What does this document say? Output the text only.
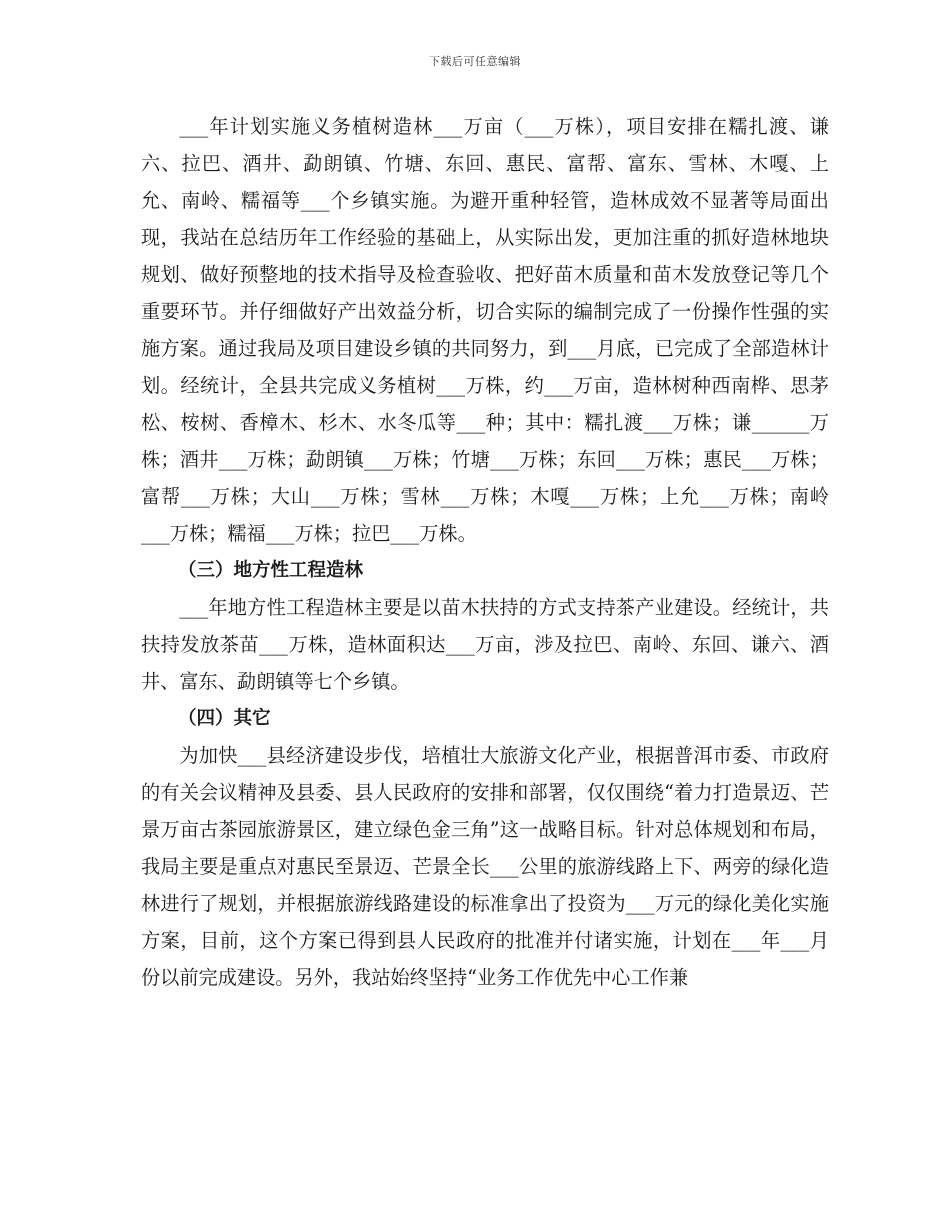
下载后可任意编辑

___年计划实施义务植树造林___万亩（___万株），项目安排在糯扎渡、谦六、拉巴、酒井、勐朗镇、竹塘、东回、惠民、富帮、富东、雪林、木嘎、上允、南岭、糯福等___个乡镇实施。为避开重种轻管，造林成效不显著等局面出现，我站在总结历年工作经验的基础上，从实际出发，更加注重的抓好造林地块规划、做好预整地的技术指导及检查验收、把好苗木质量和苗木发放登记等几个重要环节。并仔细做好产出效益分析，切合实际的编制完成了一份操作性强的实施方案。通过我局及项目建设乡镇的共同努力，到___月底，已完成了全部造林计划。经统计，全县共完成义务植树___万株，约___万亩，造林树种西南桦、思茅松、桉树、香樟木、杉木、水冬瓜等___种；其中：糯扎渡___万株；谦______万株；酒井___万株；勐朗镇___万株；竹塘___万株；东回___万株；惠民___万株；富帮___万株；大山___万株；雪林___万株；木嘎___万株；上允___万株；南岭___万株；糯福___万株；拉巴___万株。

（三）地方性工程造林

___年地方性工程造林主要是以苗木扶持的方式支持茶产业建设。经统计，共扶持发放茶苗___万株，造林面积达___万亩，涉及拉巴、南岭、东回、谦六、酒井、富东、勐朗镇等七个乡镇。

（四）其它

为加快___县经济建设步伐，培植壮大旅游文化产业，根据普洱市委、市政府的有关会议精神及县委、县人民政府的安排和部署，仅仅围绕“着力打造景迈、芒景万亩古茶园旅游景区，建立绿色金三角”这一战略目标。针对总体规划和布局，我局主要是重点对惠民至景迈、芒景全长___公里的旅游线路上下、两旁的绿化造林进行了规划，并根据旅游线路建设的标准拿出了投资为___万元的绿化美化实施方案，目前，这个方案已得到县人民政府的批准并付诸实施，计划在___年___月份以前完成建设。另外，我站始终坚持“业务工作优先中心工作兼
